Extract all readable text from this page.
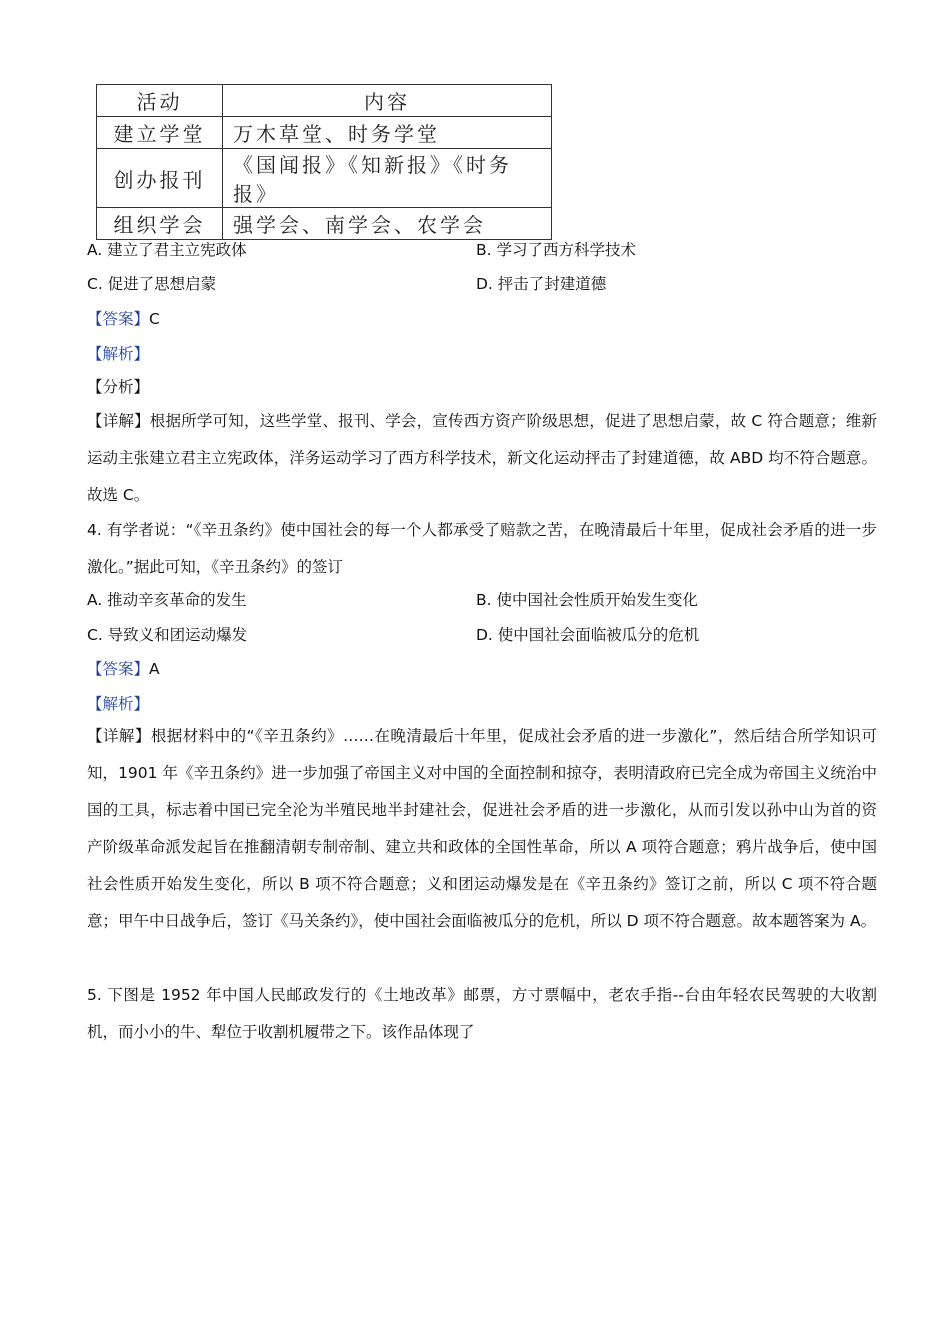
活动	内容
建立学堂	万木草堂、时务学堂
创办报刊	《国闻报》《知新报》《时务报》
组织学会	强学会、南学会、农学会
A. 建立了君主立宪政体	B. 学习了西方科学技术
C. 促进了思想启蒙	D. 抨击了封建道德
【答案】C
【解析】
【分析】
【详解】根据所学可知，这些学堂、报刊、学会，宣传西方资产阶级思想，促进了思想启蒙，故 C 符合题意；维新运动主张建立君主立宪政体，洋务运动学习了西方科学技术，新文化运动抨击了封建道德，故 ABD 均不符合题意。故选 C。
4. 有学者说：“《辛丑条约》使中国社会的每一个人都承受了赔款之苦，在晚清最后十年里，促成社会矛盾的进一步激化。”据此可知，《辛丑条约》的签订
A. 推动辛亥革命的发生	B. 使中国社会性质开始发生变化
C. 导致义和团运动爆发	D. 使中国社会面临被瓜分的危机
【答案】A
【解析】
【详解】根据材料中的“《辛丑条约》……在晚清最后十年里，促成社会矛盾的进一步激化”，然后结合所学知识可知，1901 年《辛丑条约》进一步加强了帝国主义对中国的全面控制和掠夺，表明清政府已完全成为帝国主义统治中国的工具，标志着中国已完全沦为半殖民地半封建社会，促进社会矛盾的进一步激化，从而引发以孙中山为首的资产阶级革命派发起旨在推翻清朝专制帝制、建立共和政体的全国性革命，所以 A 项符合题意；鸦片战争后，使中国社会性质开始发生变化，所以 B 项不符合题意；义和团运动爆发是在《辛丑条约》签订之前，所以 C 项不符合题意；甲午中日战争后，签订《马关条约》，使中国社会面临被瓜分的危机，所以 D 项不符合题意。故本题答案为 A。
5. 下图是 1952 年中国人民邮政发行的《土地改革》邮票，方寸票幅中，老农手指--台由年轻农民驾驶的大收割机，而小小的牛、犁位于收割机履带之下。该作品体现了
